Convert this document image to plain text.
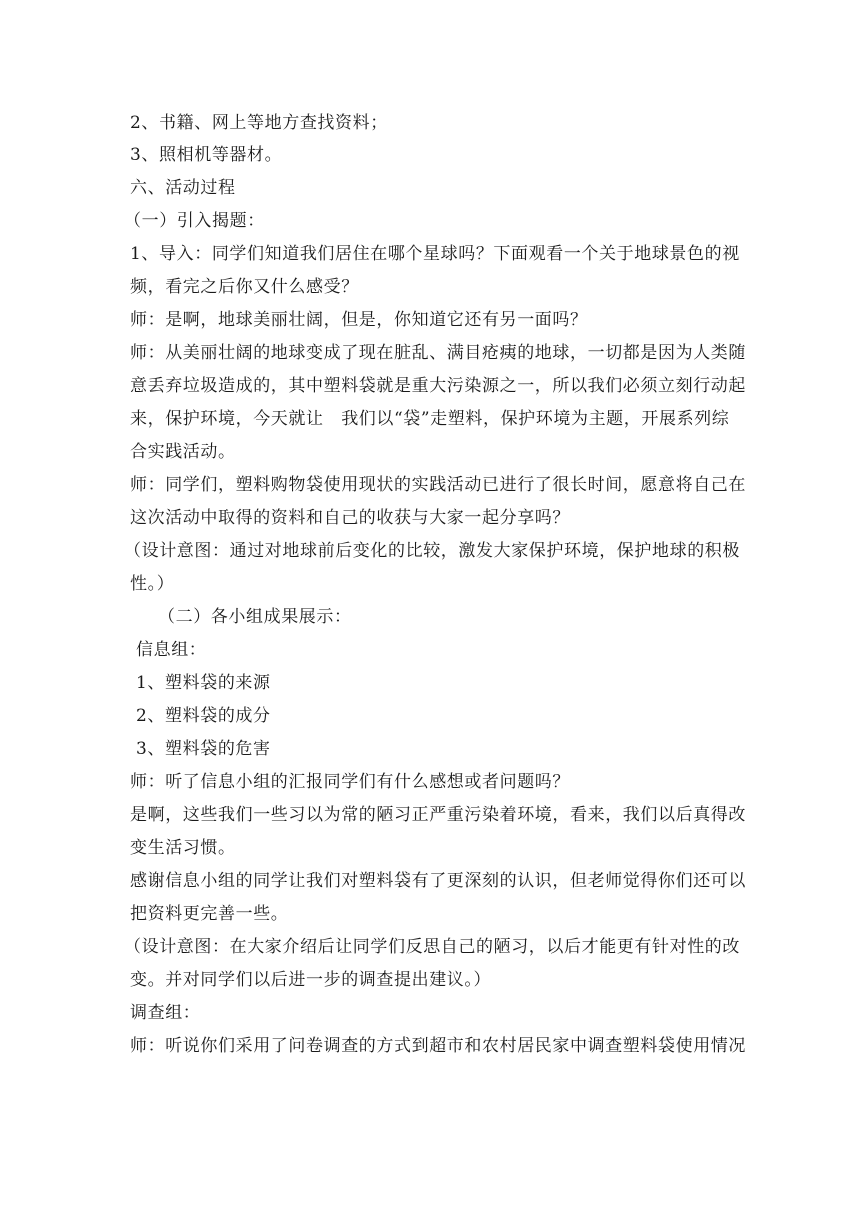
2、书籍、网上等地方查找资料；
3、照相机等器材。
六、活动过程
（一）引入揭题：
1、导入：同学们知道我们居住在哪个星球吗？下面观看一个关于地球景色的视
频，看完之后你又什么感受？
师：是啊，地球美丽壮阔，但是，你知道它还有另一面吗？
师：从美丽壮阔的地球变成了现在脏乱、满目疮痍的地球，一切都是因为人类随
意丢弃垃圾造成的，其中塑料袋就是重大污染源之一，所以我们必须立刻行动起
来，保护环境，今天就让　我们以“袋”走塑料，保护环境为主题，开展系列综
合实践活动。
师：同学们，塑料购物袋使用现状的实践活动已进行了很长时间，愿意将自己在
这次活动中取得的资料和自己的收获与大家一起分享吗？
（设计意图：通过对地球前后变化的比较，激发大家保护环境，保护地球的积极
性。）
（二）各小组成果展示：
信息组：
1、塑料袋的来源
2、塑料袋的成分
3、塑料袋的危害
师：听了信息小组的汇报同学们有什么感想或者问题吗？
是啊，这些我们一些习以为常的陋习正严重污染着环境，看来，我们以后真得改
变生活习惯。
感谢信息小组的同学让我们对塑料袋有了更深刻的认识，但老师觉得你们还可以
把资料更完善一些。
（设计意图：在大家介绍后让同学们反思自己的陋习，以后才能更有针对性的改
变。并对同学们以后进一步的调查提出建议。）
调查组：
师：听说你们采用了问卷调查的方式到超市和农村居民家中调查塑料袋使用情况
